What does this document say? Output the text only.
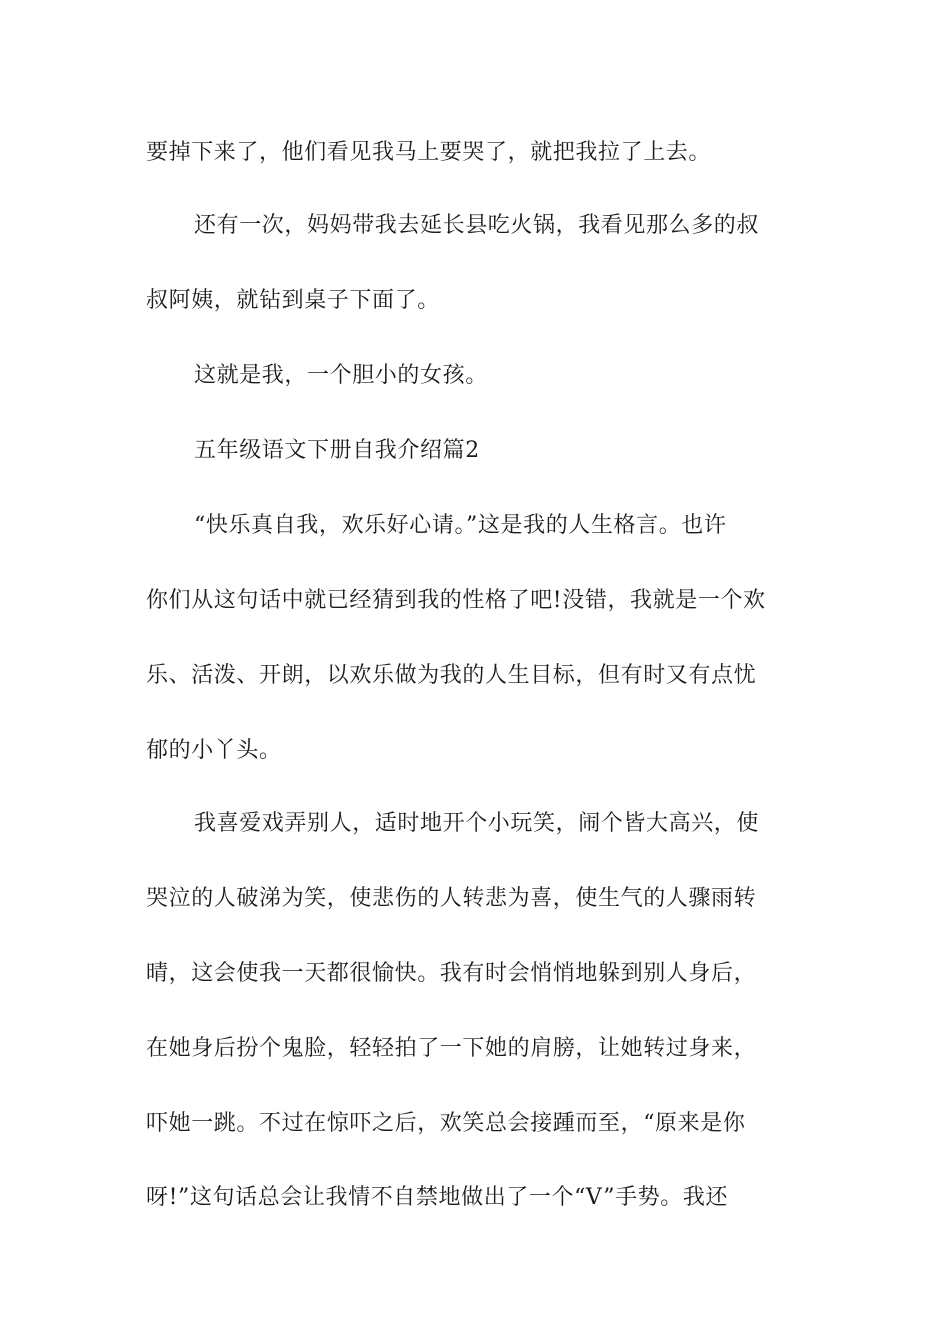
要掉下来了，他们看见我马上要哭了，就把我拉了上去。
还有一次，妈妈带我去延长县吃火锅，我看见那么多的叔
叔阿姨，就钻到桌子下面了。
这就是我，一个胆小的女孩。
五年级语文下册自我介绍篇2
“快乐真自我，欢乐好心请。”这是我的人生格言。也许
你们从这句话中就已经猜到我的性格了吧!没错，我就是一个欢
乐、活泼、开朗，以欢乐做为我的人生目标，但有时又有点忧
郁的小丫头。
我喜爱戏弄别人，适时地开个小玩笑，闹个皆大高兴，使
哭泣的人破涕为笑，使悲伤的人转悲为喜，使生气的人骤雨转
晴，这会使我一天都很愉快。我有时会悄悄地躲到别人身后，
在她身后扮个鬼脸，轻轻拍了一下她的肩膀，让她转过身来，
吓她一跳。不过在惊吓之后，欢笑总会接踵而至，“原来是你
呀!”这句话总会让我情不自禁地做出了一个“V”手势。我还
